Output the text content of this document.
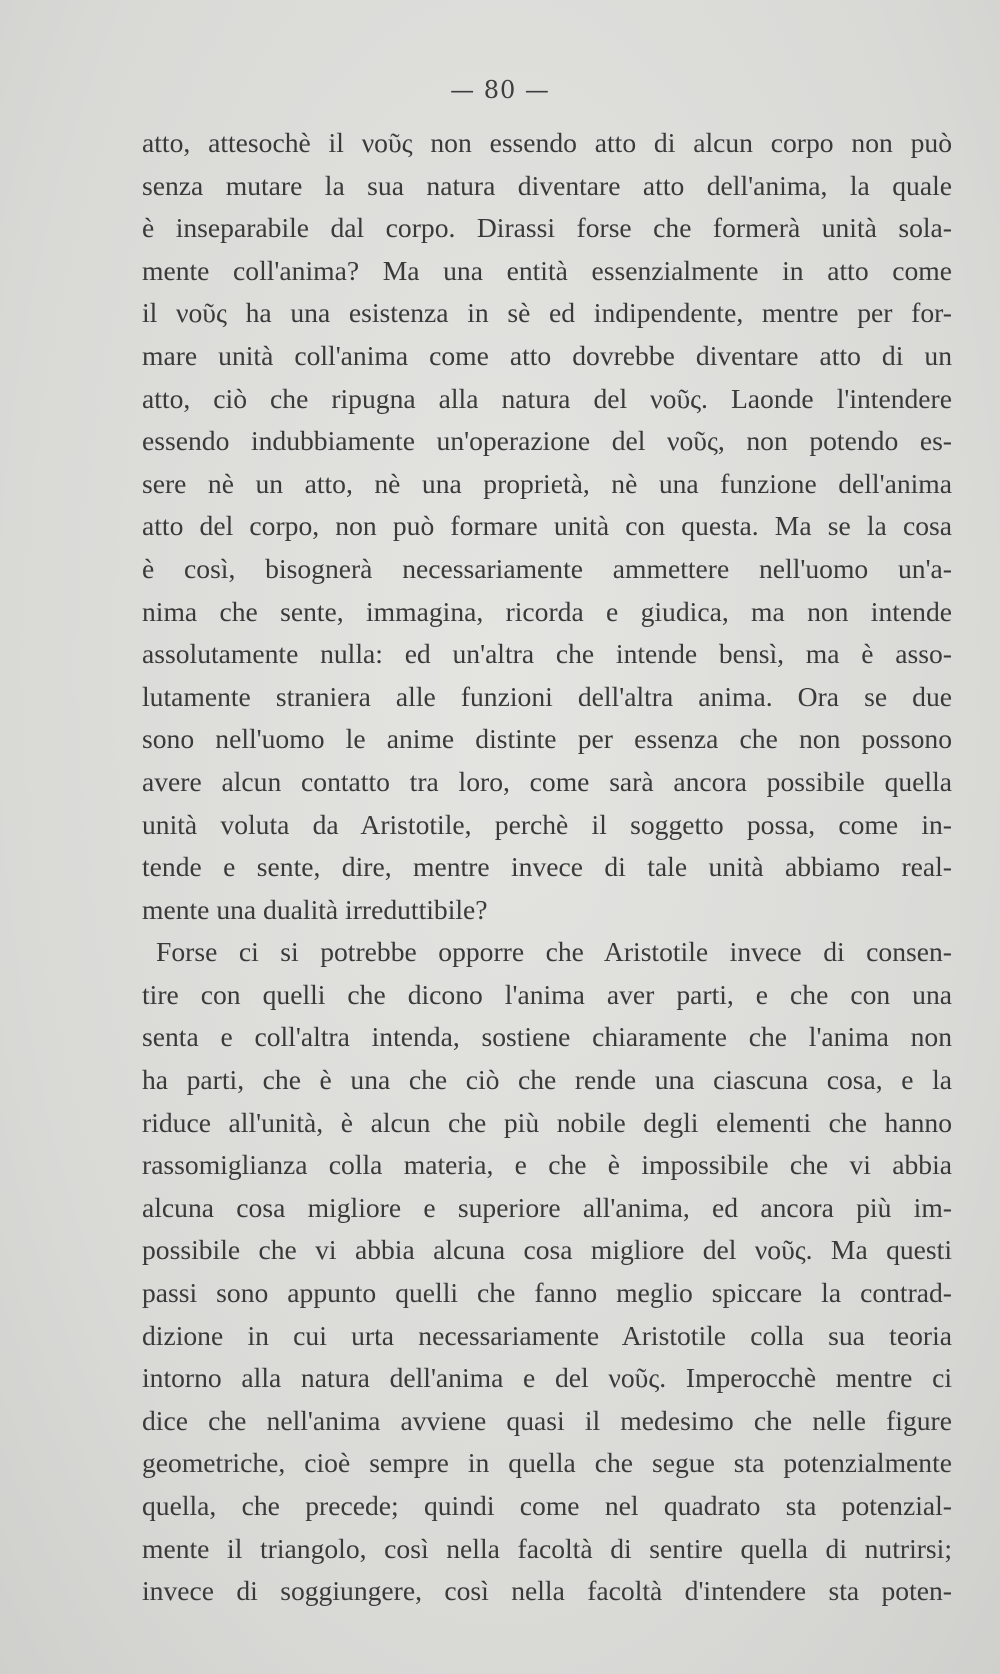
— 80 —

atto, attesochè il νοῦς non essendo atto di alcun corpo non può
senza mutare la sua natura diventare atto dell'anima, la quale
è inseparabile dal corpo. Dirassi forse che formerà unità sola-
mente coll'anima? Ma una entità essenzialmente in atto come
il νοῦς ha una esistenza in sè ed indipendente, mentre per for-
mare unità coll'anima come atto dovrebbe diventare atto di un
atto, ciò che ripugna alla natura del νοῦς. Laonde l'intendere
essendo indubbiamente un'operazione del νοῦς, non potendo es-
sere nè un atto, nè una proprietà, nè una funzione dell'anima
atto del corpo, non può formare unità con questa. Ma se la cosa
è così, bisognerà necessariamente ammettere nell'uomo un'a-
nima che sente, immagina, ricorda e giudica, ma non intende
assolutamente nulla: ed un'altra che intende bensì, ma è asso-
lutamente straniera alle funzioni dell'altra anima. Ora se due
sono nell'uomo le anime distinte per essenza che non possono
avere alcun contatto tra loro, come sarà ancora possibile quella
unità voluta da Aristotile, perchè il soggetto possa, come in-
tende e sente, dire, mentre invece di tale unità abbiamo real-
mente una dualità irreduttibile?

Forse ci si potrebbe opporre che Aristotile invece di consen-
tire con quelli che dicono l'anima aver parti, e che con una
senta e coll'altra intenda, sostiene chiaramente che l'anima non
ha parti, che è una che ciò che rende una ciascuna cosa, e la
riduce all'unità, è alcun che più nobile degli elementi che hanno
rassomiglianza colla materia, e che è impossibile che vi abbia
alcuna cosa migliore e superiore all'anima, ed ancora più im-
possibile che vi abbia alcuna cosa migliore del νοῦς. Ma questi
passi sono appunto quelli che fanno meglio spiccare la contrad-
dizione in cui urta necessariamente Aristotile colla sua teoria
intorno alla natura dell'anima e del νοῦς. Imperocchè mentre ci
dice che nell'anima avviene quasi il medesimo che nelle figure
geometriche, cioè sempre in quella che segue sta potenzialmente
quella, che precede; quindi come nel quadrato sta potenzial-
mente il triangolo, così nella facoltà di sentire quella di nutrirsi;
invece di soggiungere, così nella facoltà d'intendere sta poten-
